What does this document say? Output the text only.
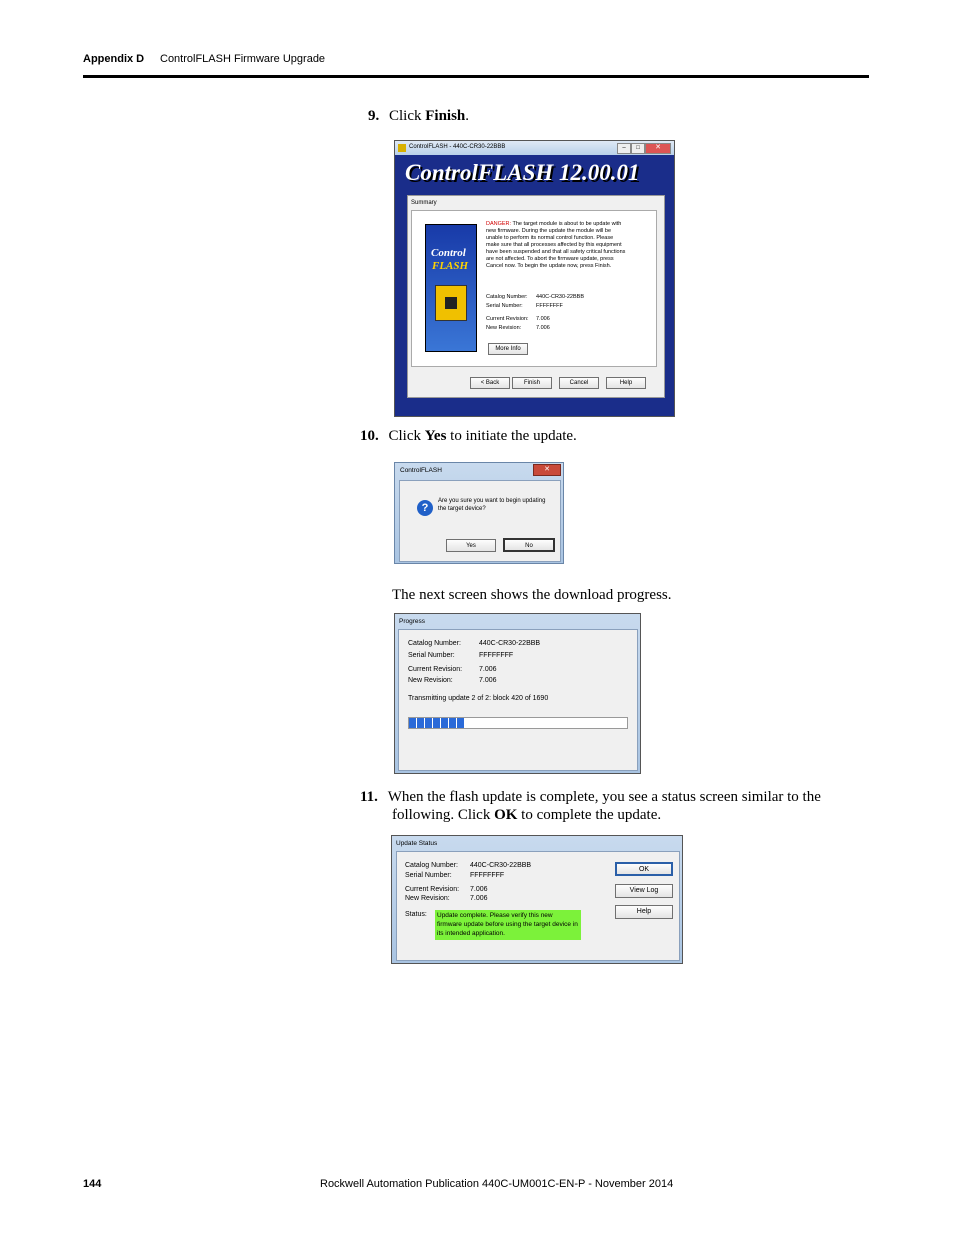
Appendix D ControlFLASH Firmware Upgrade
9. Click Finish.
ControlFLASH - 440C-CR30-22BBB	–	□	✕
ControlFLASH 12.00.01
Summary
Control
FLASH
DANGER: The target module is about to be update with new firmware. During the update the module will be unable to perform its normal control function. Please make sure that all processes affected by this equipment have been suspended and that all safety critical functions are not affected. To abort the firmware update, press Cancel now. To begin the update now, press Finish.
Catalog Number: 440C-CR30-22BBB
Serial Number: FFFFFFFF
Current Revision: 7.006
New Revision:	7.006
More Info
< Back	Finish	Cancel	Help
10. Click Yes to initiate the update.
ControlFLASH	✕
?
Are you sure you want to begin updating the target device?
Yes	No
The next screen shows the download progress.
Progress
Catalog Number:	440C-CR30-22BBB
Serial Number:	FFFFFFFF
Current Revision: 7.006
New Revision:	7.006
Transmitting update 2 of 2: block 420 of 1690
11. When the flash update is complete, you see a status screen similar to the
following. Click OK to complete the update.
Update Status
Catalog Number: 440C-CR30-22BBB
Serial Number:	FFFFFFFF
Current Revision: 7.006
New Revision:	7.006
Status:	Update complete. Please verify this new firmware update before using the target device in its intended application.
OK
View Log
Help
144	Rockwell Automation Publication 440C-UM001C-EN-P - November 2014
